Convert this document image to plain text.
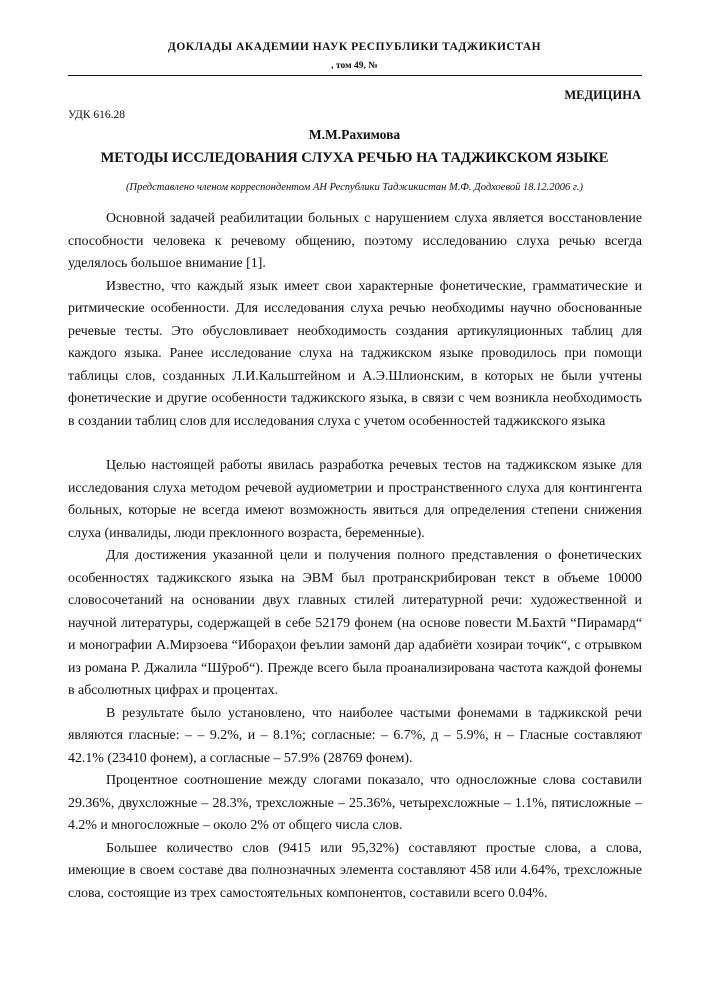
ДОКЛАДЫ АКАДЕМИИ НАУК РЕСПУБЛИКИ ТАДЖИКИСТАН
, том 49, №
МЕДИЦИНА
УДК 616.28
М.М.Рахимова
МЕТОДЫ ИССЛЕДОВАНИЯ СЛУХА РЕЧЬЮ НА ТАДЖИКСКОМ ЯЗЫКЕ
(Представлено членом корреспондентом АН Республики Таджикистан М.Ф. Додхоевой 18.12.2006 г.)

Основной задачей реабилитации больных с нарушением слуха является восстановление способности человека к речевому общению, поэтому исследованию слуха речью всегда уделялось большое внимание [1].

Известно, что каждый язык имеет свои характерные фонетические, грамматические и ритмические особенности. Для исследования слуха речью необходимы научно обоснованные речевые тесты. Это обусловливает необходимость создания артикуляционных таблиц для каждого языка. Ранее исследование слуха на таджикском языке проводилось при помощи таблицы слов, созданных Л.И.Кальштейном и А.Э.Шлионским, в которых не были учтены фонетические и другие особенности таджикского языка, в связи с чем возникла необходимость в создании таблиц слов для исследования слуха с учетом особенностей таджикского языка

Целью настоящей работы явилась разработка речевых тестов на таджикском языке для исследования слуха методом речевой аудиометрии и пространственного слуха для контингента больных, которые не всегда имеют возможность явиться для определения степени снижения слуха (инвалиды, люди преклонного возраста, беременные).

Для достижения указанной цели и получения полного представления о фонетических особенностях таджикского языка на ЭВМ был протранскрибирован текст в объеме 10000 словосочетаний на основании двух главных стилей литературной речи: художественной и научной литературы, содержащей в себе 52179 фонем (на основе повести М.Бахтӣ “Пирамард“ и монографии А.Мирзоева “Иборaҳои феълии замонӣ дар адабиёти хозираи тоҷик“, с отрывком из романа Р. Джалила “Шӯроб“). Прежде всего была проанализирована частота каждой фонемы в абсолютных цифрах и процентах.

В результате было установлено, что наиболее частыми фонемами в таджикской речи являются гласные: – – 9.2%, и – 8.1%; согласные: – 6.7%, д – 5.9%, н – Гласные составляют 42.1% (23410 фонем), а согласные – 57.9% (28769 фонем).

Процентное соотношение между слогами показало, что односложные слова составили 29.36%, двухсложные – 28.3%, трехсложные – 25.36%, четырехсложные – 1.1%, пятисложные – 4.2% и многосложные – около 2% от общего числа слов.

Большее количество слов (9415 или 95,32%) составляют простые слова, а слова, имеющие в своем составе два полнозначных элемента составляют 458 или 4.64%, трехсложные слова, состоящие из трех самостоятельных компонентов, составили всего 0.04%.
